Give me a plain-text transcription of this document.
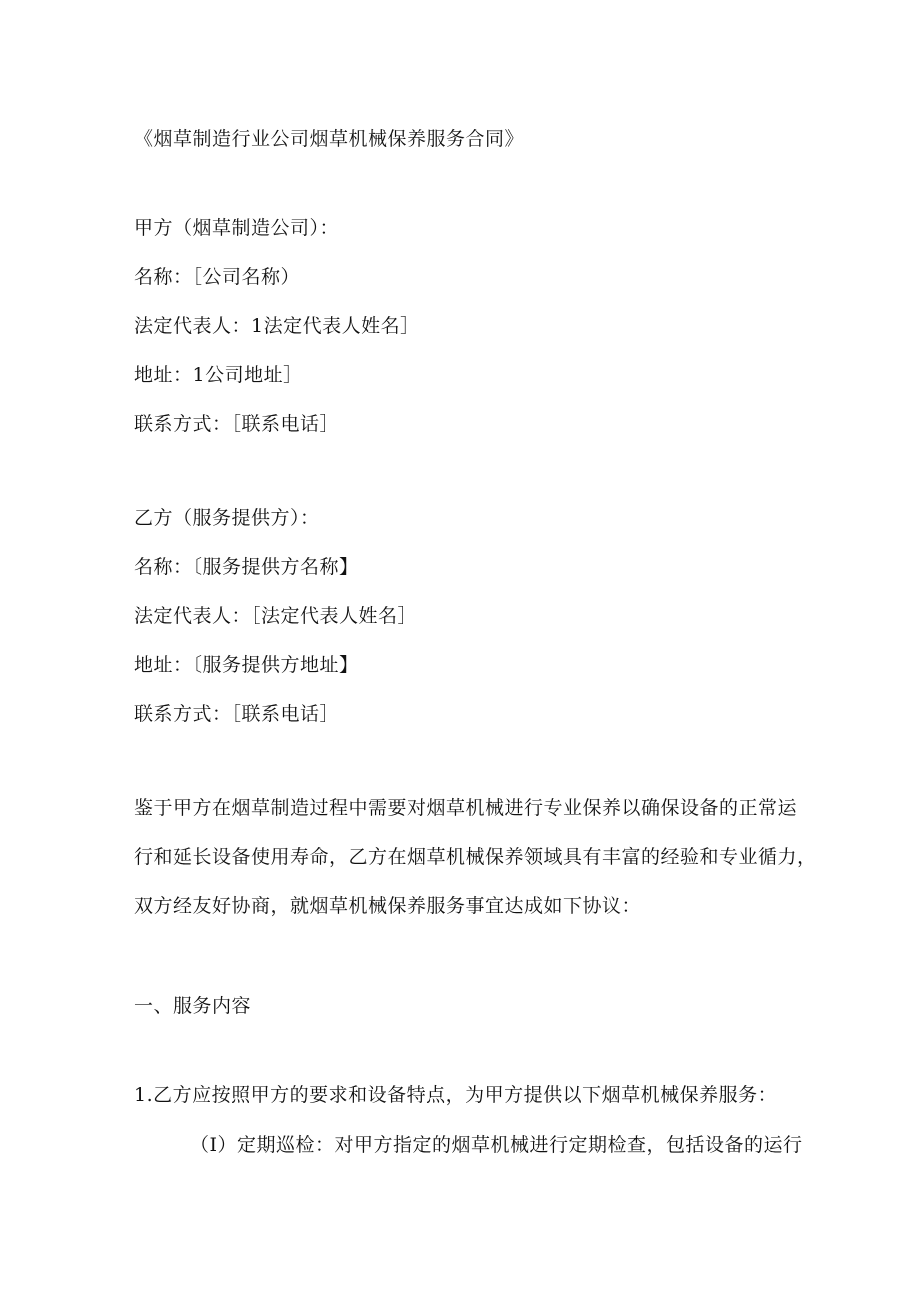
《烟草制造行业公司烟草机械保养服务合同》
甲方（烟草制造公司）：
名称：［公司名称）
法定代表人：1法定代表人姓名］
地址：1公司地址］
联系方式：［联系电话］
乙方（服务提供方）：
名称：〔服务提供方名称】
法定代表人：［法定代表人姓名］
地址：〔服务提供方地址】
联系方式：［联系电话］
鉴于甲方在烟草制造过程中需要对烟草机械进行专业保养以确保设备的正常运
行和延长设备使用寿命，乙方在烟草机械保养领域具有丰富的经验和专业循力，
双方经友好协商，就烟草机械保养服务事宜达成如下协议：
一、服务内容
1.乙方应按照甲方的要求和设备特点，为甲方提供以下烟草机械保养服务：
（I）定期巡检：对甲方指定的烟草机械进行定期检查，包括设备的运行
